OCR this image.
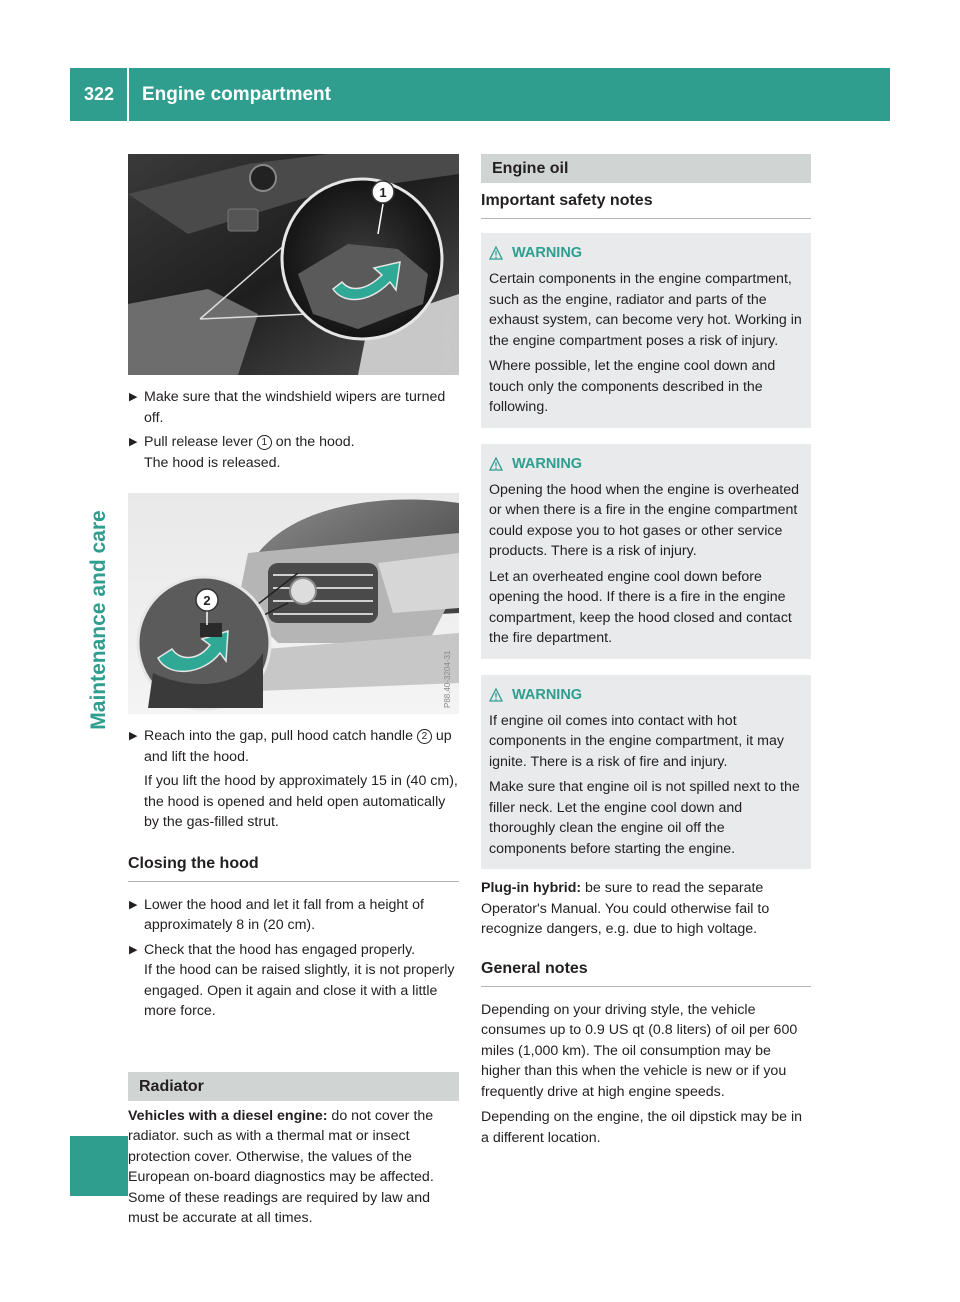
322	Engine compartment
Maintenance and care
1
P88.40-3203-31
▶ Make sure that the windshield wipers are turned off.

▶ Pull release lever 1 on the hood.

The hood is released.

2
P88.40-3204-31
▶ Reach into the gap, pull hood catch handle 2 up and lift the hood.

If you lift the hood by approximately 15 in (40 cm), the hood is opened and held open automatically by the gas-filled strut.

Closing the hood
▶ Lower the hood and let it fall from a height of approximately 8 in (20 cm).

▶ Check that the hood has engaged properly.

If the hood can be raised slightly, it is not properly engaged. Open it again and close it with a little more force.

Radiator

Vehicles with a diesel engine: do not cover the radiator. such as with a thermal mat or insect protection cover. Otherwise, the values of the European on-board diagnostics may be affected. Some of these readings are required by law and must be accurate at all times.

Engine oil
Important safety notes
WARNING

Certain components in the engine compartment, such as the engine, radiator and parts of the exhaust system, can become very hot. Working in the engine compartment poses a risk of injury.

Where possible, let the engine cool down and touch only the components described in the following.

WARNING

Opening the hood when the engine is overheated or when there is a fire in the engine compartment could expose you to hot gases or other service products. There is a risk of injury.

Let an overheated engine cool down before opening the hood. If there is a fire in the engine compartment, keep the hood closed and contact the fire department.

WARNING

If engine oil comes into contact with hot components in the engine compartment, it may ignite. There is a risk of fire and injury.

Make sure that engine oil is not spilled next to the filler neck. Let the engine cool down and thoroughly clean the engine oil off the components before starting the engine.

Plug-in hybrid: be sure to read the separate Operator's Manual. You could otherwise fail to recognize dangers, e.g. due to high voltage.

General notes

Depending on your driving style, the vehicle consumes up to 0.9 US qt (0.8 liters) of oil per 600 miles (1,000 km). The oil consumption may be higher than this when the vehicle is new or if you frequently drive at high engine speeds.

Depending on the engine, the oil dipstick may be in a different location.
